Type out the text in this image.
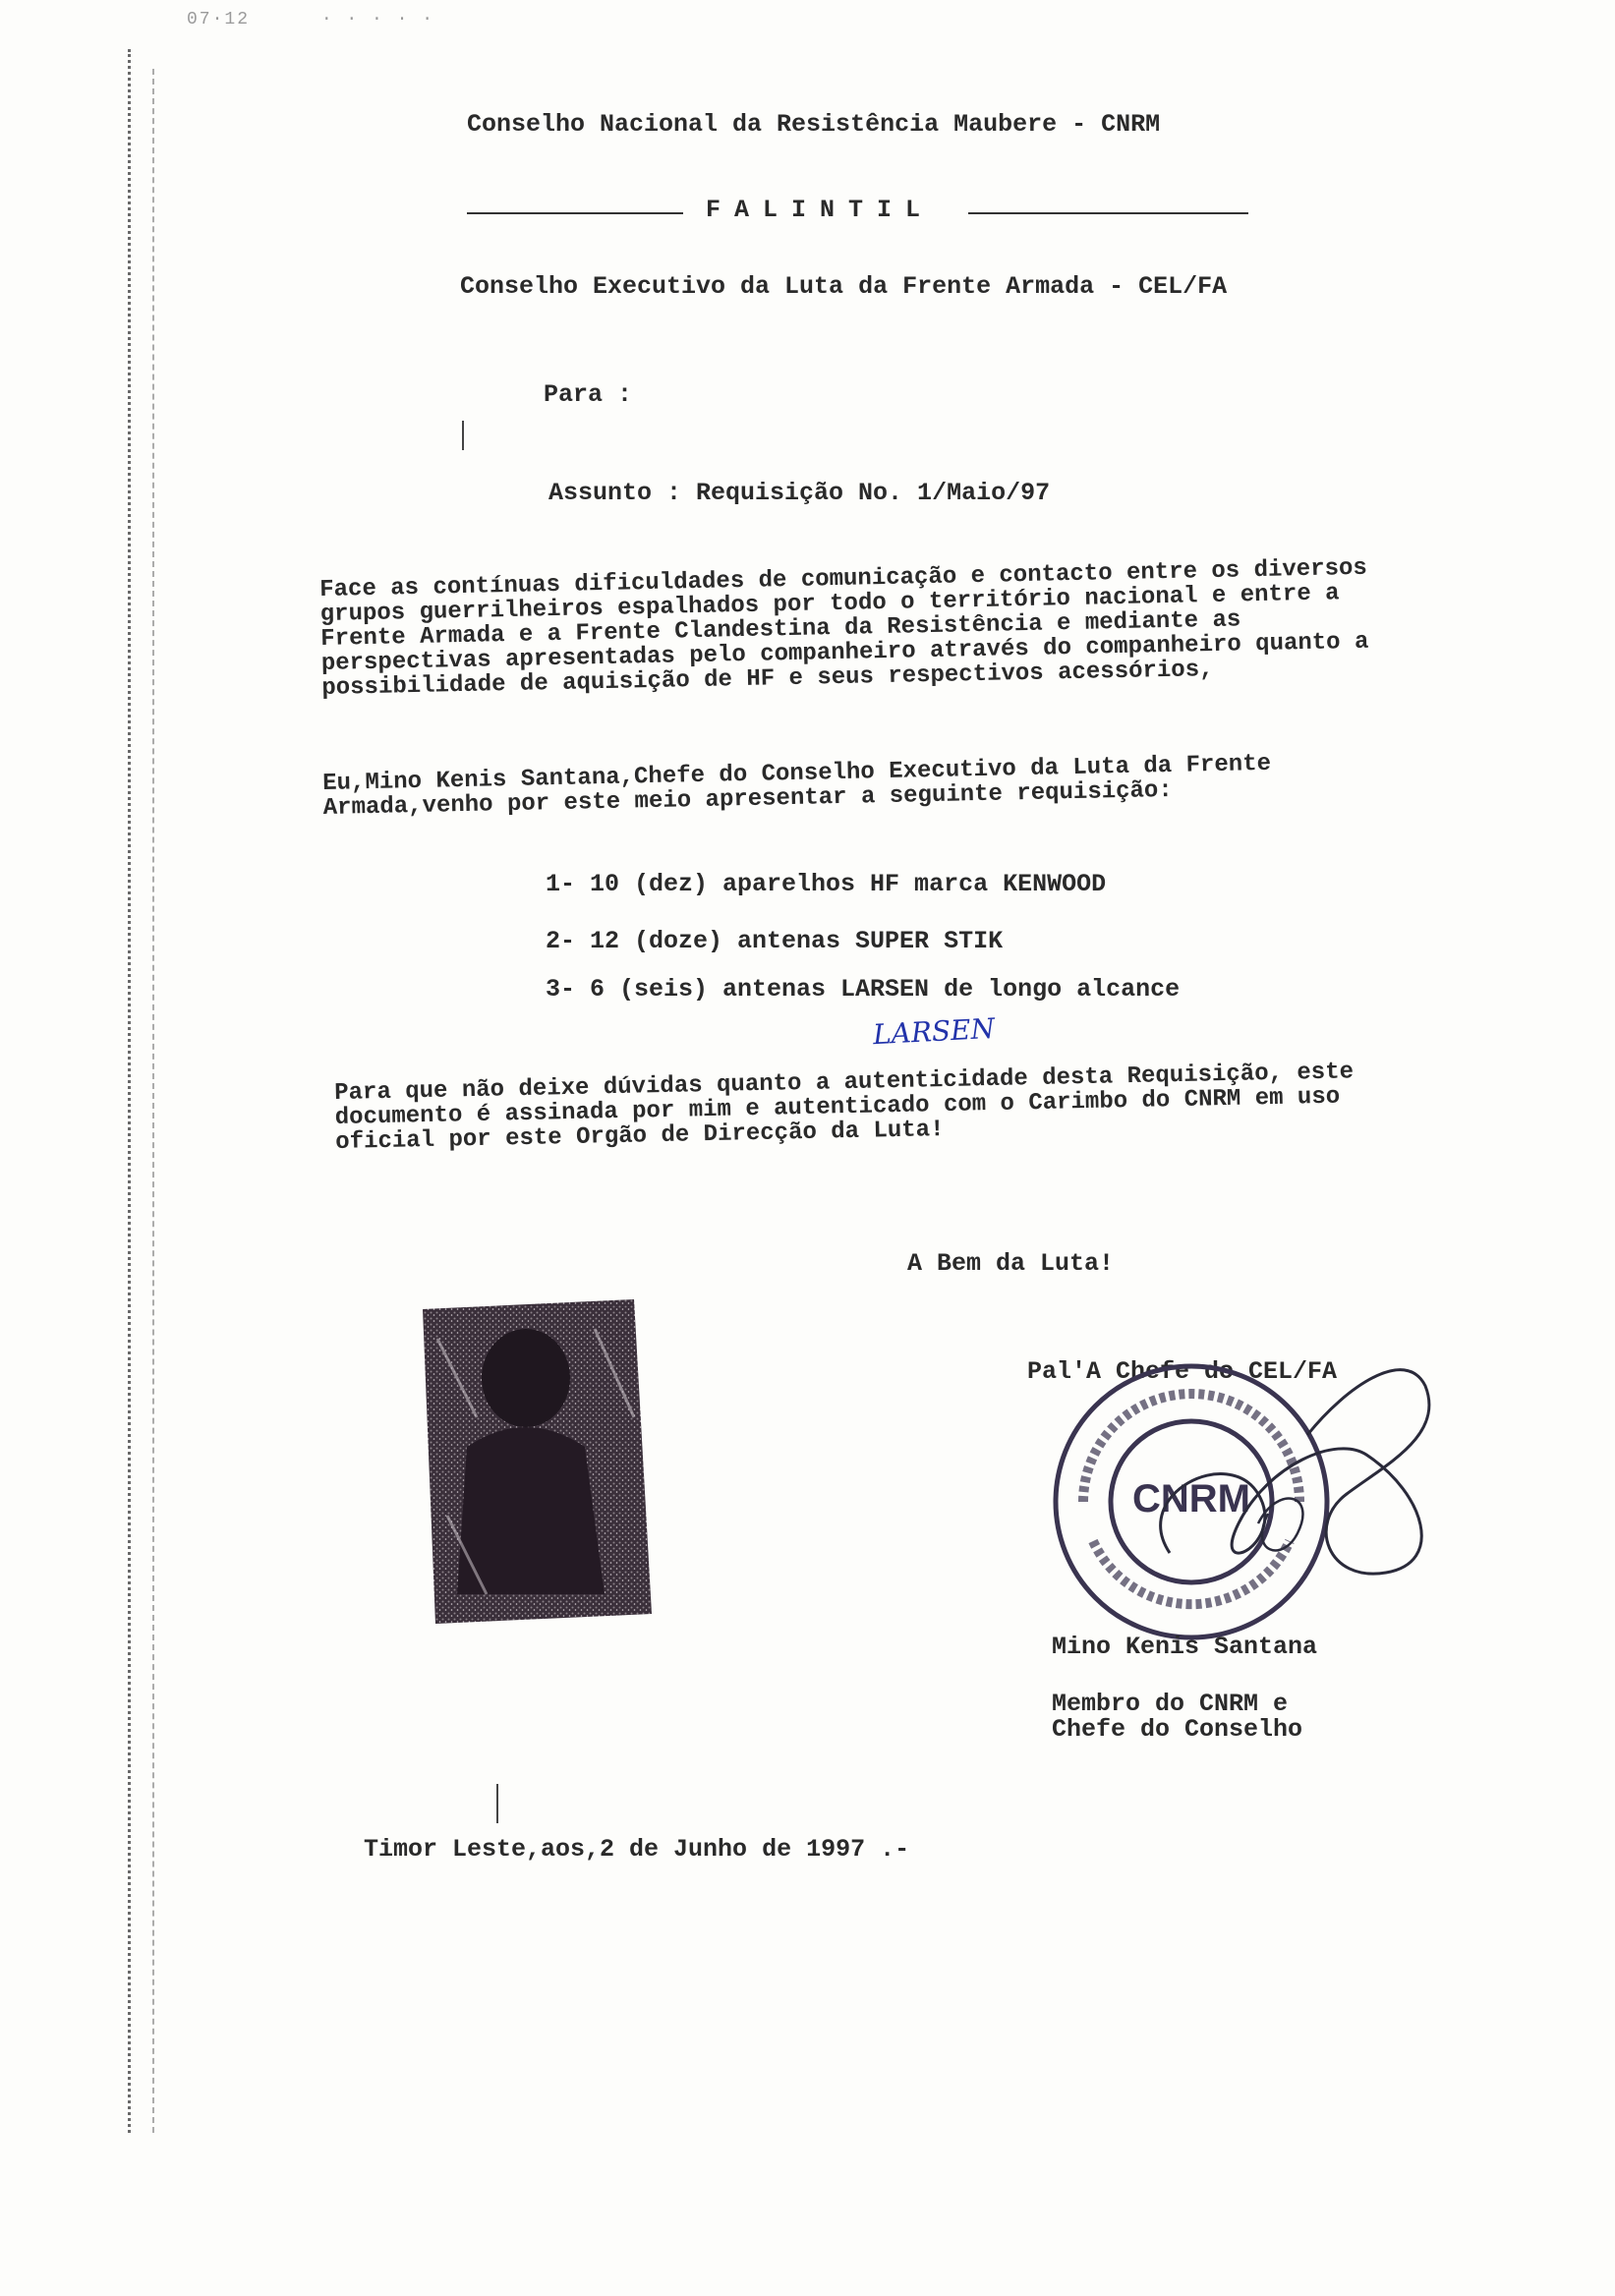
07·12	· · · · ·
Conselho Nacional da Resistência Maubere - CNRM
FALINTIL
Conselho Executivo da Luta da Frente Armada - CEL/FA
Para :
Assunto : Requisição No. 1/Maio/97
Face as contínuas dificuldades de comunicação e contacto entre os diversos grupos guerrilheiros espalhados por todo o território nacional e entre a Frente Armada e a Frente Clandestina da Resistência e mediante as perspectivas apresentadas pelo companheiro através do companheiro quanto a possibilidade de aquisição de HF e seus respectivos acessórios,
Eu,Mino Kenis Santana,Chefe do Conselho Executivo da Luta da Frente Armada,venho por este meio apresentar a seguinte requisição:
1- 10 (dez) aparelhos HF marca KENWOOD
2- 12 (doze) antenas SUPER STIK
3- 6 (seis) antenas LARSEN de longo alcance
LARSEN
Para que não deixe dúvidas quanto a autenticidade desta Requisição, este documento é assinada por mim e autenticado com o Carimbo do CNRM em uso oficial por este Orgão de Direcção da Luta!
A Bem da Luta!
Pal'A Chefe do CEL/FA
CNRM
Mino Kenis Santana
Membro do CNRM e
Chefe do Conselho
Timor Leste,aos,2 de Junho de 1997 .-
